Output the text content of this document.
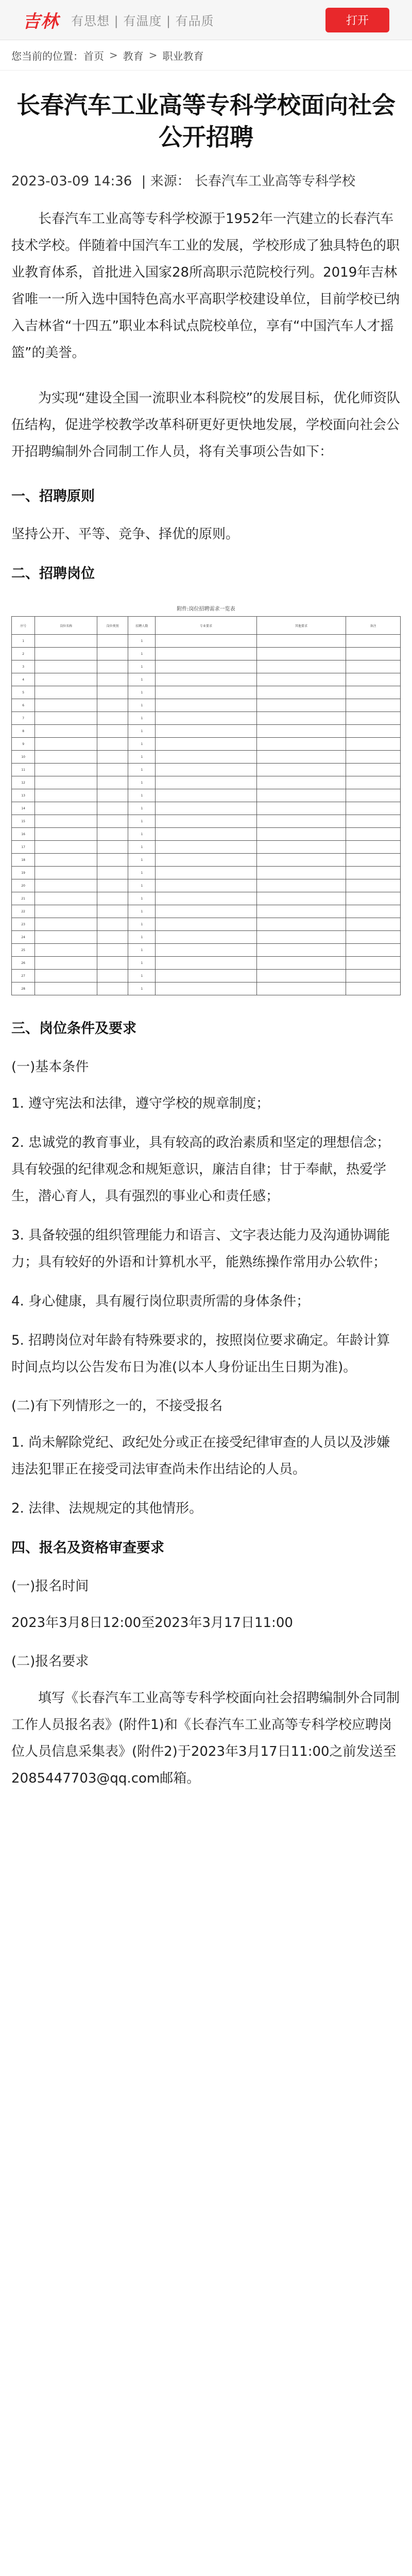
吉林 有思想 | 有温度 | 有品质	打开
您当前的位置： 首页 > 教育 > 职业教育
长春汽车工业高等专科学校面向社会公开招聘
2023-03-09 14:36 | 来源： 长春汽车工业高等专科学校

长春汽车工业高等专科学校源于1952年一汽建立的长春汽车技术学校。伴随着中国汽车工业的发展，学校形成了独具特色的职业教育体系，首批进入国家28所高职示范院校行列。2019年吉林省唯一一所入选中国特色高水平高职学校建设单位，目前学校已纳入吉林省“十四五”职业本科试点院校单位，享有“中国汽车人才摇篮”的美誉。

为实现“建设全国一流职业本科院校”的发展目标，优化师资队伍结构，促进学校教学改革科研更好更快地发展，学校面向社会公开招聘编制外合同制工作人员，将有关事项公告如下：

一、招聘原则

坚持公开、平等、竞争、择优的原则。

二、招聘岗位
附件:岗位招聘需求一览表
序号	岗位名称	岗位类别	招聘人数	专业要求	其他要求	备注
1			1			
2			1			
3			1			
4			1			
5			1			
6			1			
7			1			
8			1			
9			1			
10			1			
11			1			
12			1			
13			1			
14			1			
15			1			
16			1			
17			1			
18			1			
19			1			
20			1			
21			1			
22			1			
23			1			
24			1			
25			1			
26			1			
27			1			
28			1			
三、岗位条件及要求
(一)基本条件

1. 遵守宪法和法律，遵守学校的规章制度；

2. 忠诚党的教育事业，具有较高的政治素质和坚定的理想信念；具有较强的纪律观念和规矩意识，廉洁自律；甘于奉献，热爱学生，潜心育人，具有强烈的事业心和责任感；

3. 具备较强的组织管理能力和语言、文字表达能力及沟通协调能力；具有较好的外语和计算机水平，能熟练操作常用办公软件；

4. 身心健康，具有履行岗位职责所需的身体条件；

5. 招聘岗位对年龄有特殊要求的，按照岗位要求确定。年龄计算时间点均以公告发布日为准(以本人身份证出生日期为准)。

(二)有下列情形之一的，不接受报名

1. 尚未解除党纪、政纪处分或正在接受纪律审查的人员以及涉嫌违法犯罪正在接受司法审查尚未作出结论的人员。

2. 法律、法规规定的其他情形。

四、报名及资格审查要求
(一)报名时间

2023年3月8日12:00至2023年3月17日11:00

(二)报名要求

填写《长春汽车工业高等专科学校面向社会招聘编制外合同制工作人员报名表》(附件1)和《长春汽车工业高等专科学校应聘岗位人员信息采集表》(附件2)于2023年3月17日11:00之前发送至2085447703@qq.com邮箱。
